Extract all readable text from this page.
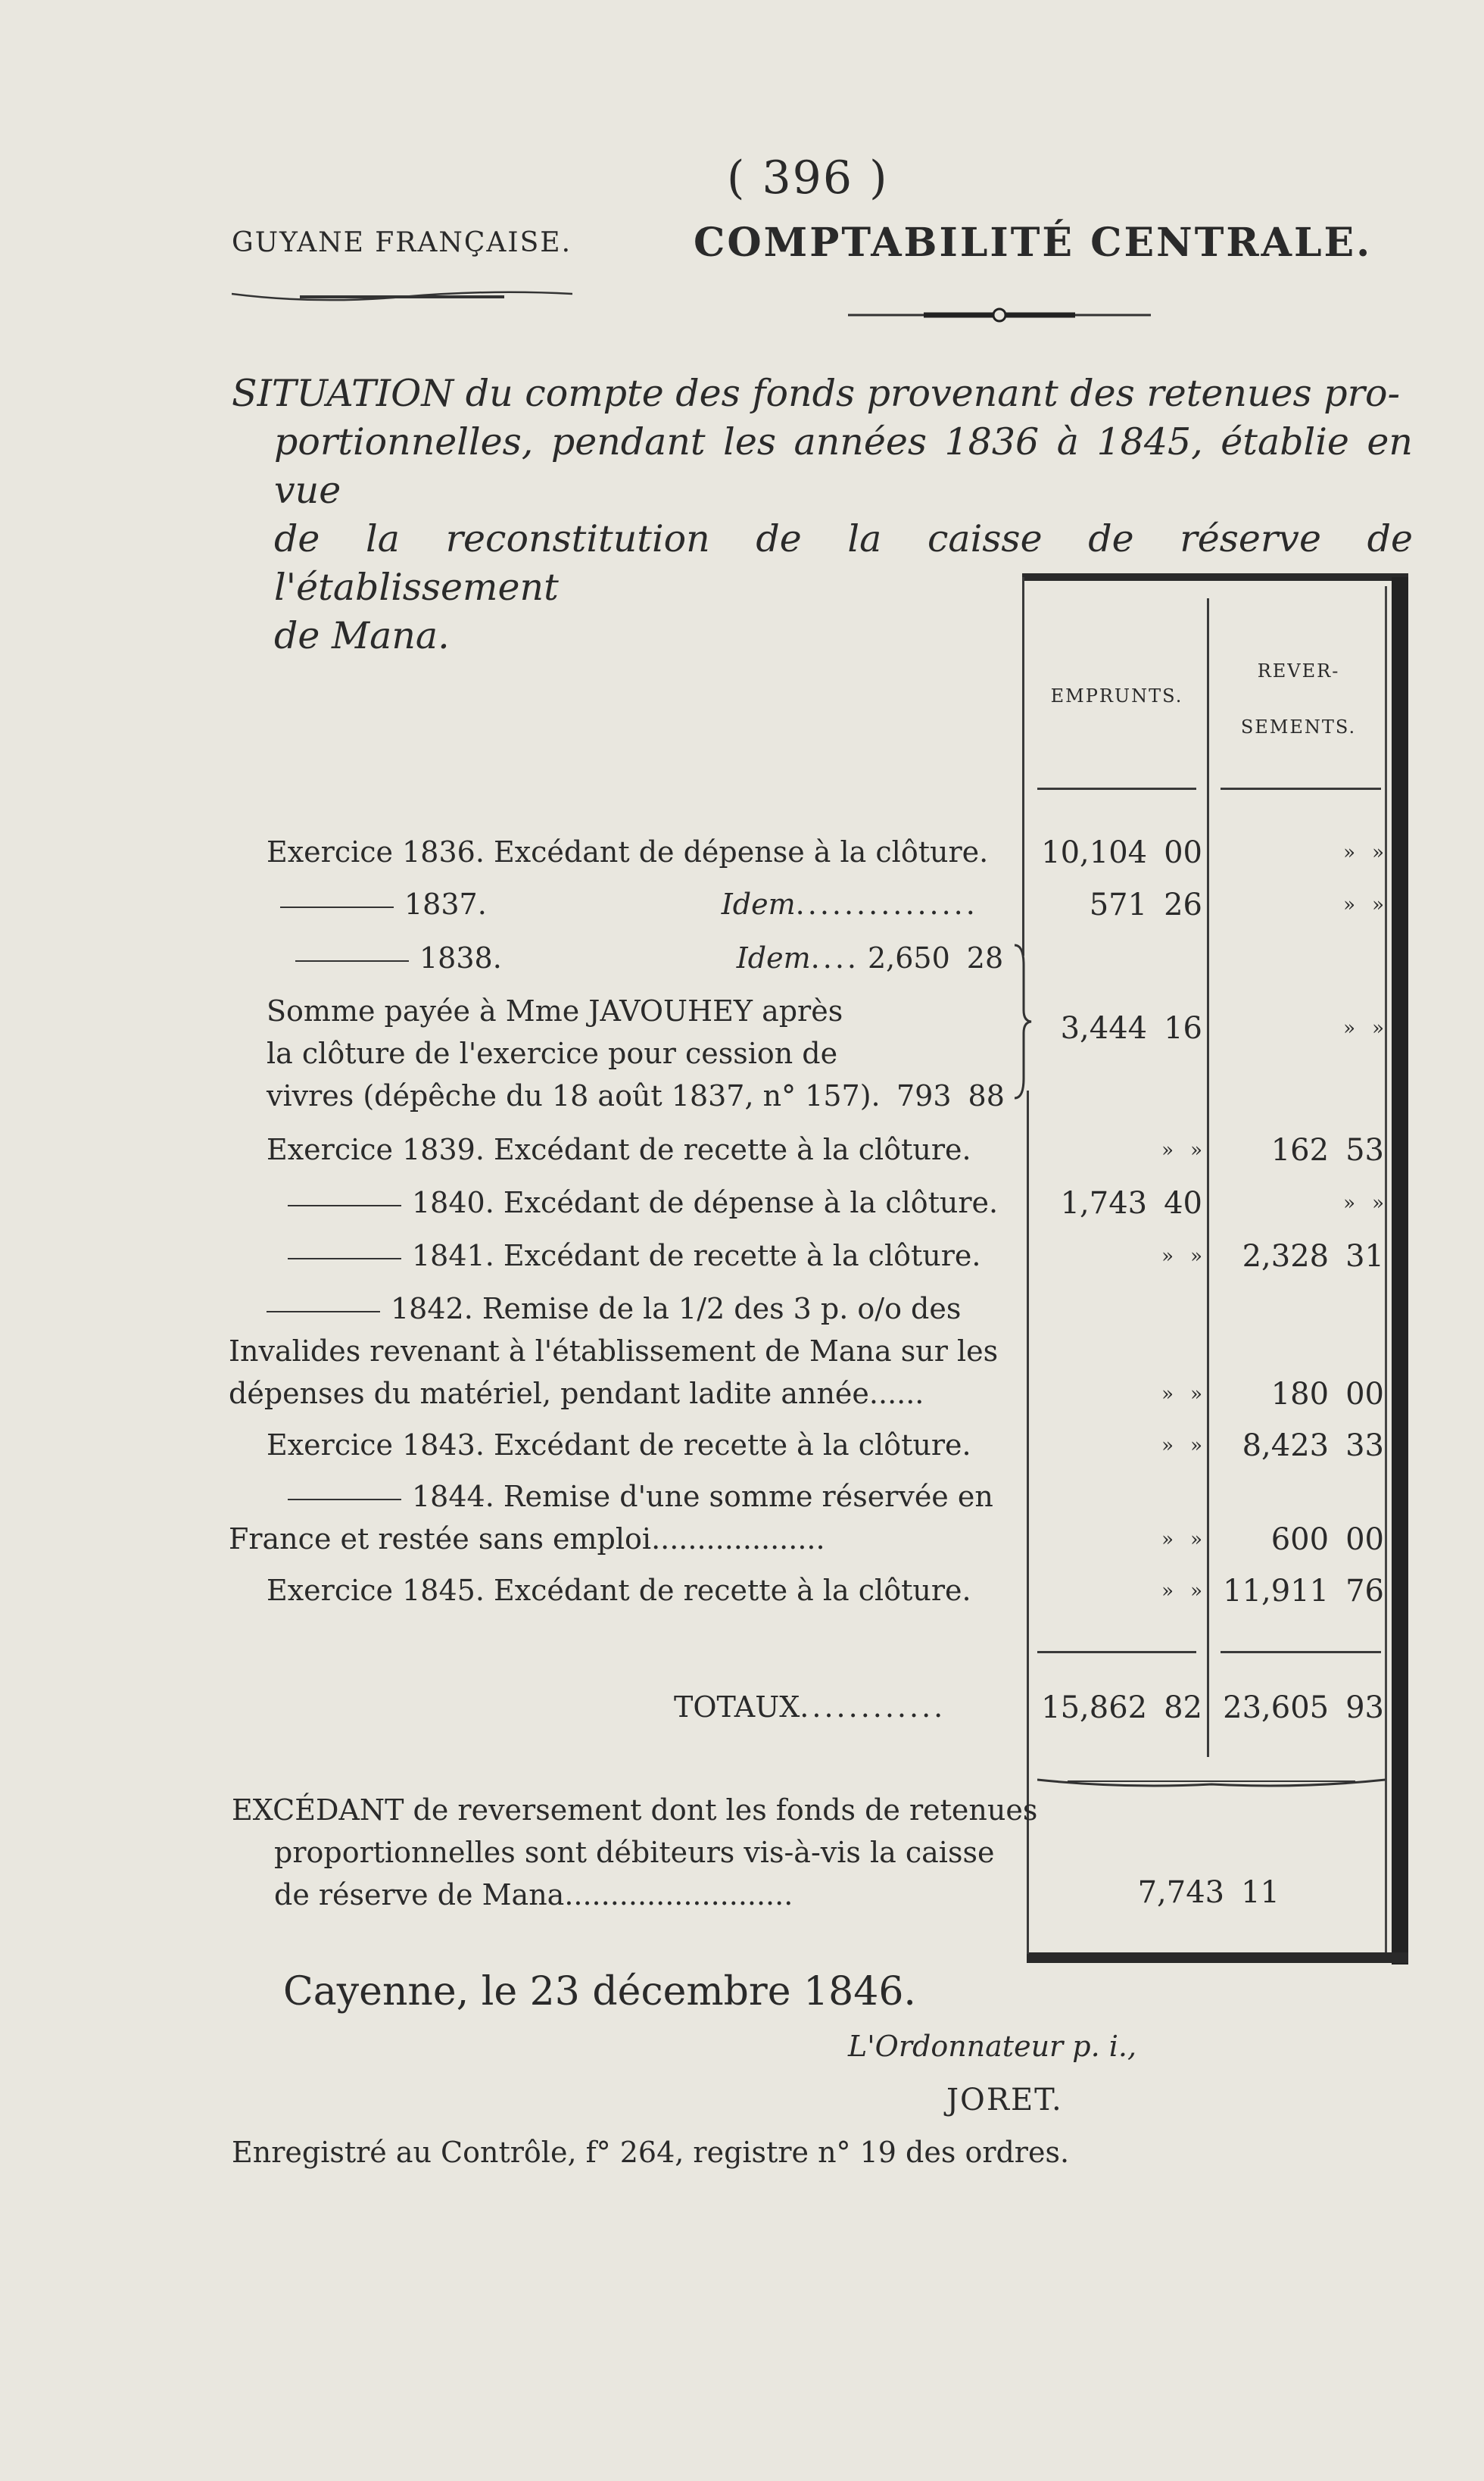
( 396 )
GUYANE FRANÇAISE.	COMPTABILITÉ CENTRALE.
SITUATION du compte des fonds provenant des retenues pro-
portionnelles, pendant les années 1836 à 1845, établie en vue
de la reconstitution de la caisse de réserve de l'établissement
de Mana.
EMPRUNTS.
REVER-
SEMENTS.
Exercice 1836. Excédant de dépense à la clôture.	10,104 00	» »
1837.	Idem...............	571 26	» »
1838.	Idem.... 2,650 28
Somme payée à Mme JAVOUHEY après
la clôture de l'exercice pour cession de
vivres (dépêche du 18 août 1837, n° 157). 793 88
3,444 16	» »
Exercice 1839. Excédant de recette à la clôture.	» »	162 53
1840. Excédant de dépense à la clôture.	1,743 40	» »
1841. Excédant de recette à la clôture.	» »	2,328 31
1842. Remise de la 1/2 des 3 p. o/o des
Invalides revenant à l'établissement de Mana sur les
dépenses du matériel, pendant ladite année......	» »	180 00
Exercice 1843. Excédant de recette à la clôture.	» »	8,423 33
1844. Remise d'une somme réservée en
France et restée sans emploi...................	» »	600 00
Exercice 1845. Excédant de recette à la clôture.	» » 11,911 76
TOTAUX............	15,862 82 23,605 93
EXCÉDANT de reversement dont les fonds de retenues
proportionnelles sont débiteurs vis-à-vis la caisse
de réserve de Mana.........................	7,743 11
Cayenne, le 23 décembre 1846.
L'Ordonnateur p. i.,
JORET.
Enregistré au Contrôle, f° 264, registre n° 19 des ordres.
